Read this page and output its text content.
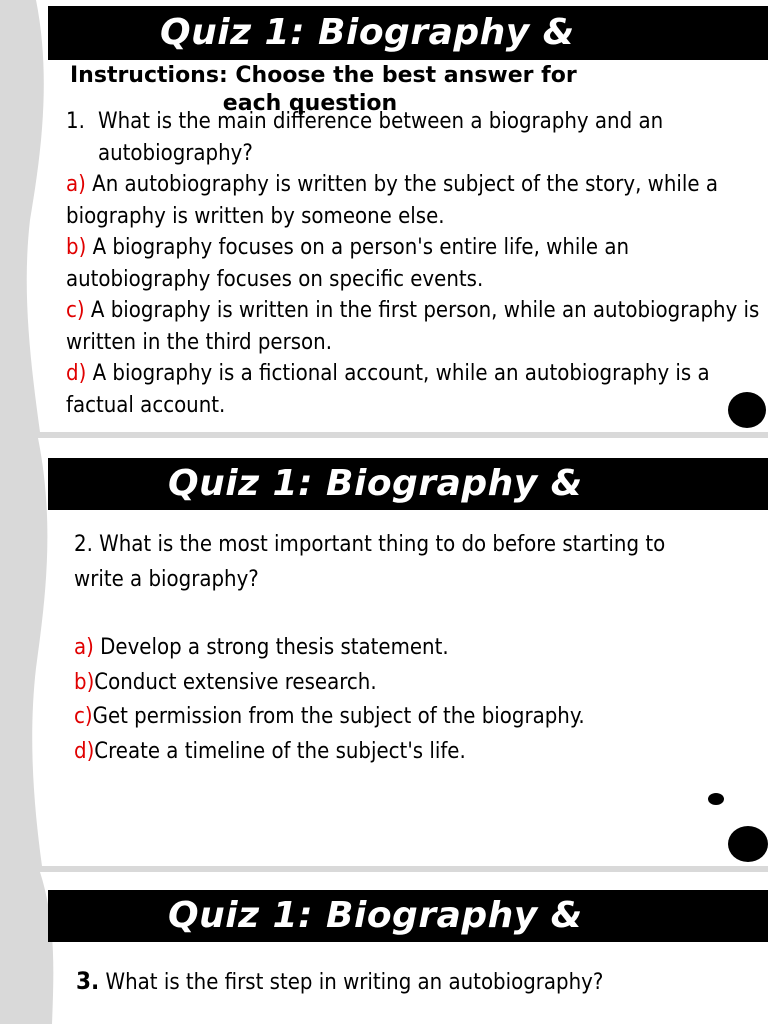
Quiz 1: Biography &
Instructions: Choose the best answer for
each question
1. What is the main difference between a biography and an autobiography?
a) An autobiography is written by the subject of the story, while a biography is written by someone else.
b) A biography focuses on a person's entire life, while an autobiography focuses on specific events.
c) A biography is written in the first person, while an autobiography is written in the third person.
d) A biography is a fictional account, while an autobiography is a factual account.
Quiz 1: Biography &
2. What is the most important thing to do before starting to write a biography?
a) Develop a strong thesis statement.
b)Conduct extensive research.
c)Get permission from the subject of the biography.
d)Create a timeline of the subject's life.
Quiz 1: Biography &
3. What is the first step in writing an autobiography?
